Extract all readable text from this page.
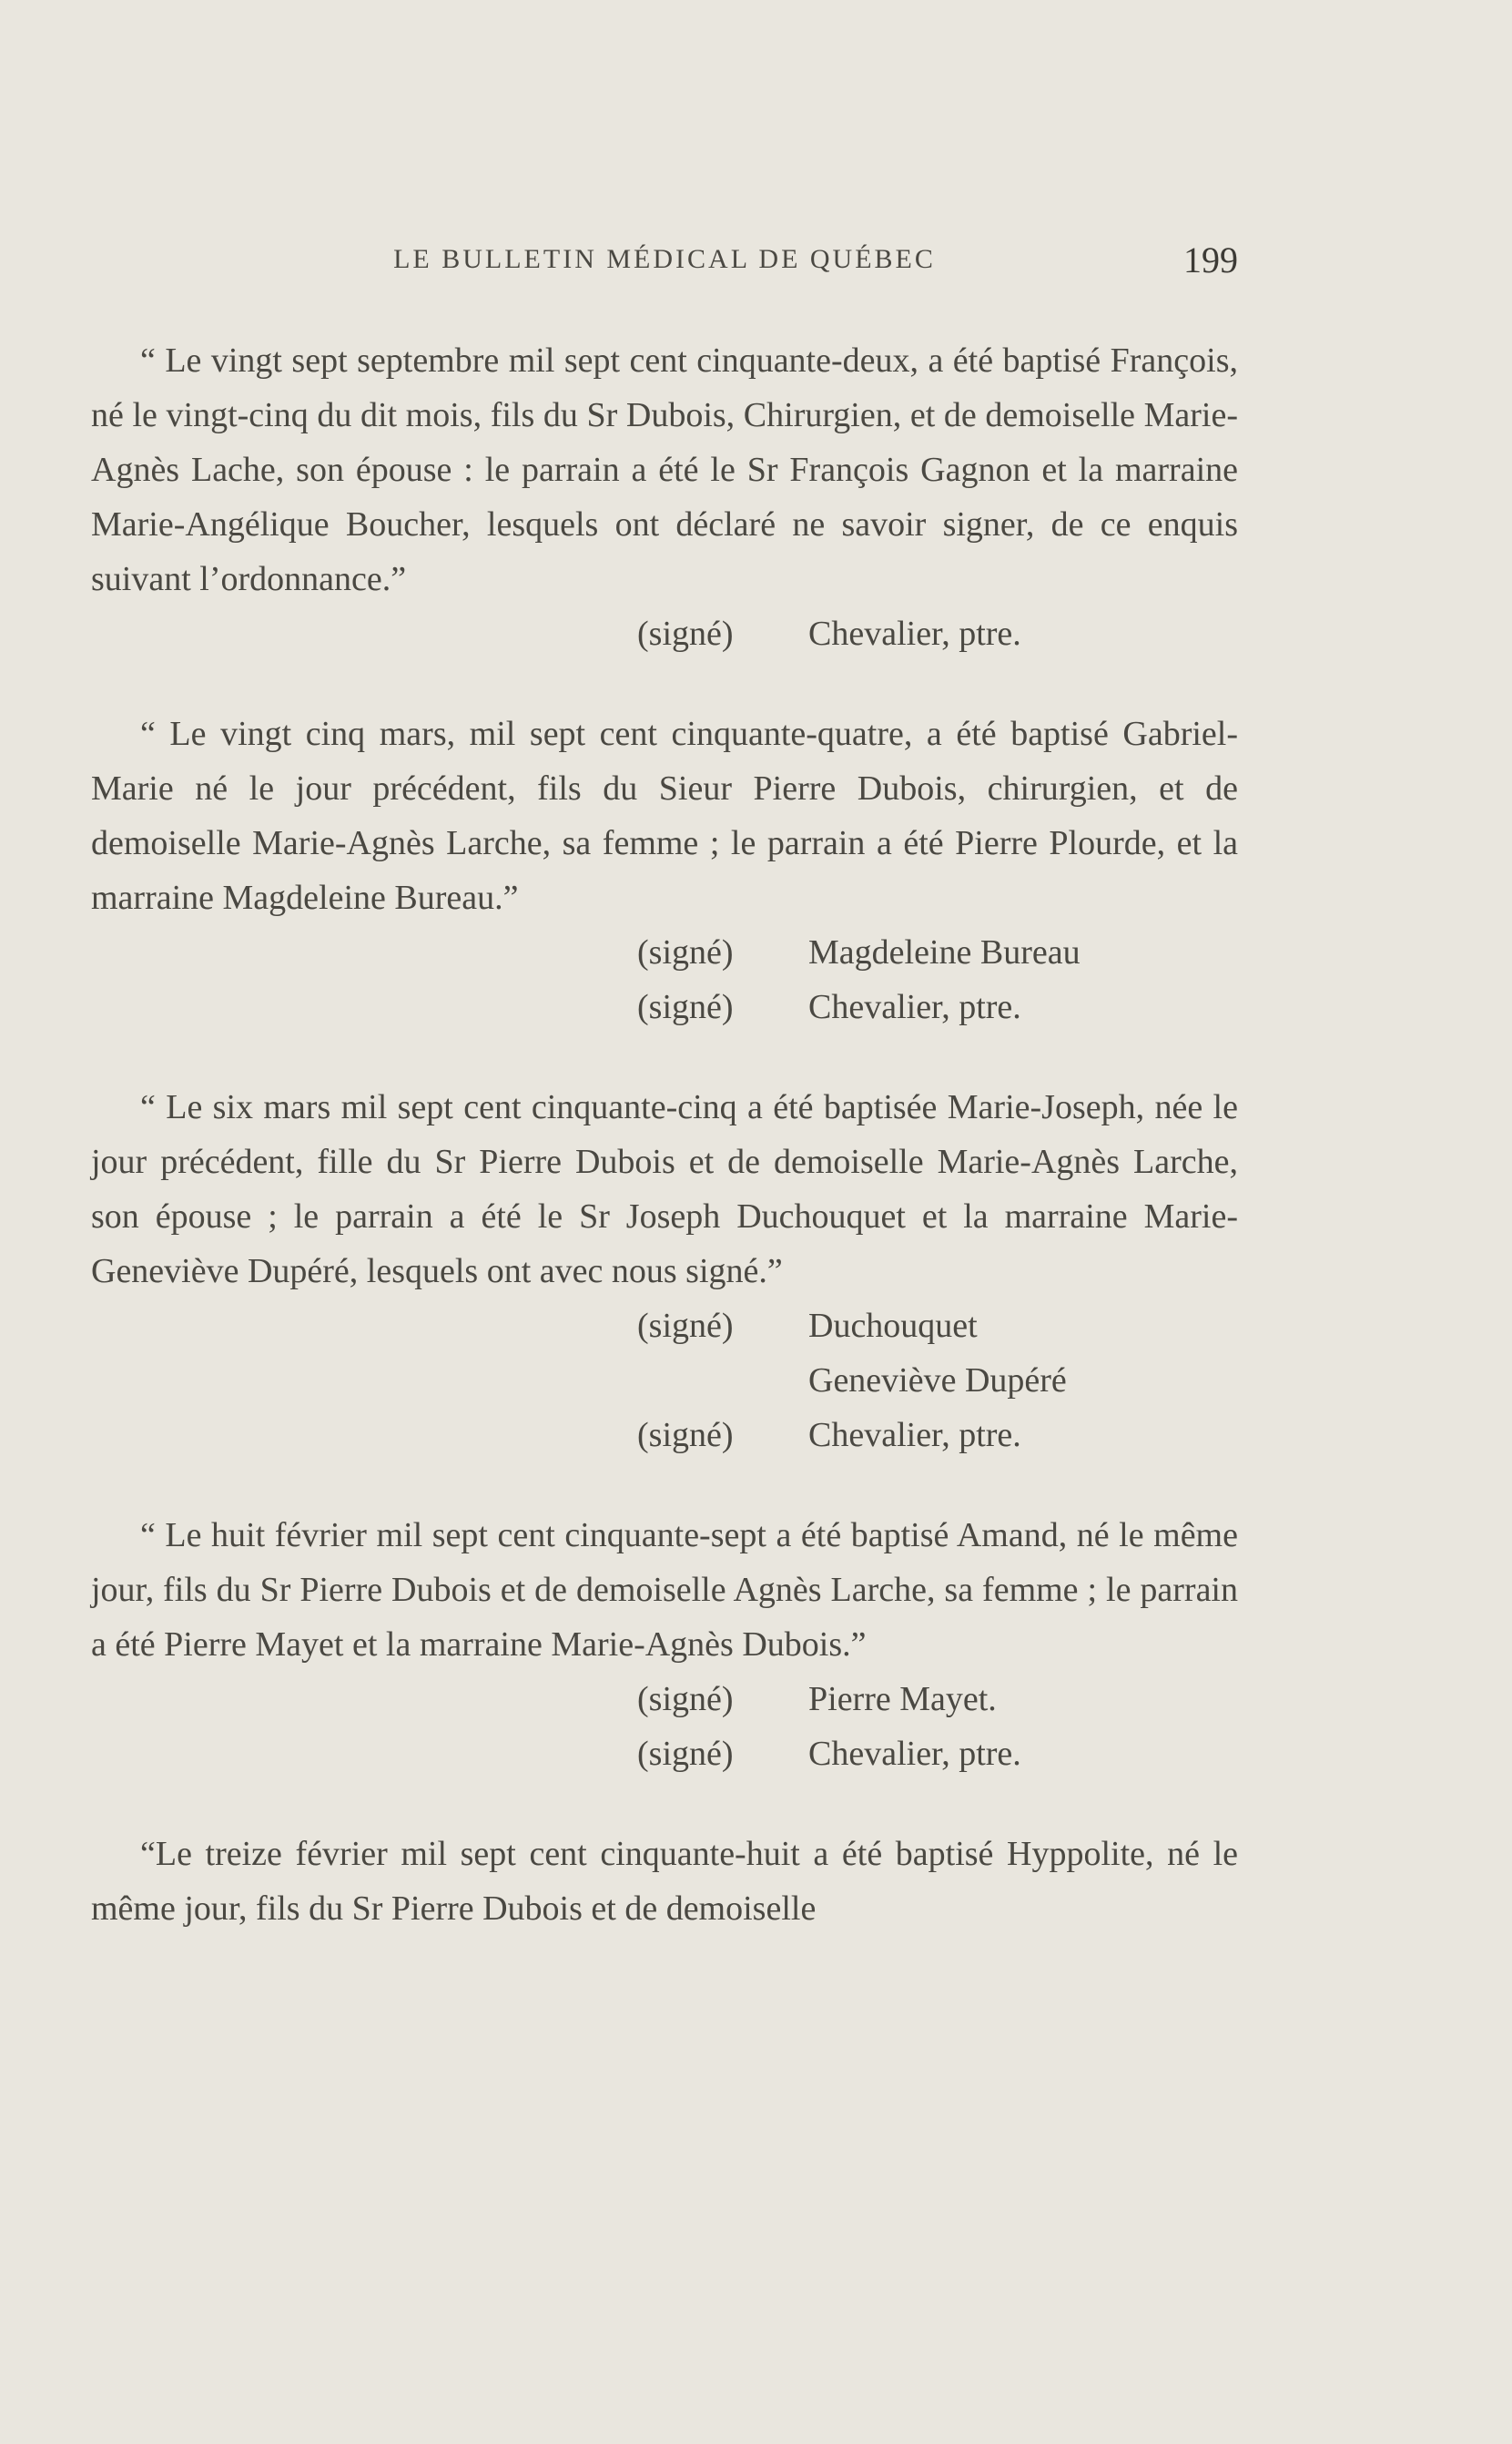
LE BULLETIN MÉDICAL DE QUÉBEC	199

“ Le vingt sept septembre mil sept cent cinquante-deux, a été baptisé François, né le vingt-cinq du dit mois, fils du Sr Dubois, Chirurgien, et de demoiselle Marie-Agnès Lache, son épouse : le parrain a été le Sr François Gagnon et la marraine Marie-Angélique Boucher, lesquels ont déclaré ne savoir signer, de ce enquis suivant l’ordonnance.”

(signé) Chevalier, ptre.

“ Le vingt cinq mars, mil sept cent cinquante-quatre, a été baptisé Gabriel-Marie né le jour précédent, fils du Sieur Pierre Dubois, chirurgien, et de demoiselle Marie-Agnès Larche, sa femme ; le parrain a été Pierre Plourde, et la marraine Magdeleine Bureau.”

(signé) Magdeleine Bureau
(signé) Chevalier, ptre.

“ Le six mars mil sept cent cinquante-cinq a été baptisée Marie-Joseph, née le jour précédent, fille du Sr Pierre Dubois et de demoiselle Marie-Agnès Larche, son épouse ; le parrain a été le Sr Joseph Duchouquet et la marraine Marie-Geneviève Dupéré, lesquels ont avec nous signé.”

(signé) Duchouquet
Geneviève Dupéré
(signé) Chevalier, ptre.

“ Le huit février mil sept cent cinquante-sept a été baptisé Amand, né le même jour, fils du Sr Pierre Dubois et de demoiselle Agnès Larche, sa femme ; le parrain a été Pierre Mayet et la marraine Marie-Agnès Dubois.”

(signé) Pierre Mayet.
(signé) Chevalier, ptre.

“Le treize février mil sept cent cinquante-huit a été baptisé Hyppolite, né le même jour, fils du Sr Pierre Dubois et de demoiselle
